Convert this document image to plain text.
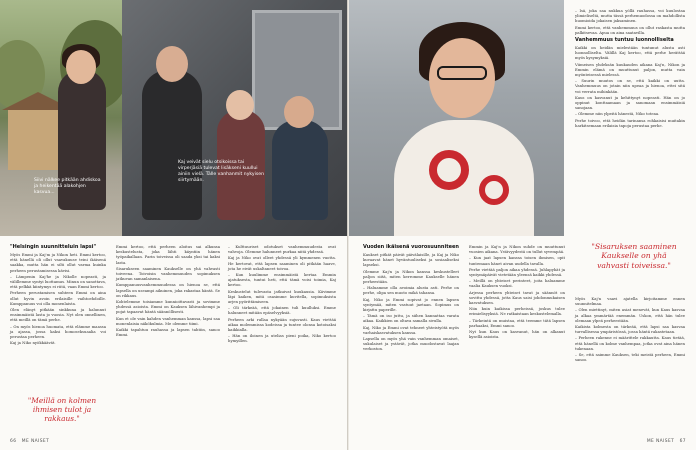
Siivi nälkee pitkään ahdiskoa ja heikentää alakohjen kasvua...
Kaj veivät sielu otsikoissa tai virperjäsiä tulevat lisäkseni kuullui ainiin vielä. Tälle vanhanmit nykyisen siirtymään.
"Helsingin suunnitteluin lapsi"

Myös Emmi ja Kaj'm ja Nikon heti. Emmi kertoo, että hänellä oli ollut vaavakuuse teini ikäisenä saakka, mutta hän ei silti ollut varma kuinka perheen perustamisessa kävisi.

– Lämpenin Kaj'he ja Nikolle nopeasti, ja välillemme syntyi luottamus. Minun on sanottava, että pelkkä kiintymys ei riitä, vaan Emmi kertoo.

Perheen perustamisen suhteen Emmi on aina ollut hyvin avoin erilaisille vaihtoehdoille. Kumppanuus voi olla monenlaista.

Olen elänyt pitkään sinkkuna ja halunnut ensimmäistä lasta jo vuosia. Nyt olen onnellinen, että meillä on tämä perhe.

– On myös hienoa huomata, että elämme maassa ja ajassa, jossa kaksi homoseksuaalia voi perustaa perheen.

Kaj ja Niko nyökkäävät.

"Meillä on kolmen ihmisen tulot ja rakkaus."

Emmi kertoo, että perheen aloitus sai alkunsa keskustelusta, joka lähti käyntiin hänen työpaikallaan. Parin toiveissa oli saada yksi tai kaksi lasta.

Sisarukseen saaminen Kaukselle on yhä vahvasti toiveena. Toivoisin vanhemmuuden sopimuksen jatkuvan samanlaisena.

Kumppanuusvanhemmuudessa on hienoa se, että lapsella on useampi aikuinen, joka rakastaa häntä. Se on rikkaus.

Kohtelemme toisiamme kunnioittavasti ja sovimme yhdessä asioista. Emmi on Kauksen lähivanhempi ja pojat tapaavat häntä säännöllisesti.

Kun et ole vain kahden vanhemman kanssa, lapsi saa monenlaisia näkökulmia. Me olemme tiimi.

Kaikki tapahtuu rauhassa ja lapsen tahtiin, sanoo Emmi.

– Kulttuuriset odotukset vanhemmuudesta ovat vahvoja. Olemme halunneet purkaa niitä yhdessä.

Kaj ja Niko ovat olleet yhdessä yli kymmenen vuotta. He kertovat, että lapsen saaminen oli pitkään haave, jota he eivät uskaltaneet toivoa.

– Kun kuulimme ensimmäistä kertaa Emmin ajatuksesta, tuntui heti, että tämä voisi toimia, Kaj kertoo.

Keskustelut tulevasta jatkuivat kuukausia. Kävimme läpi kaiken, mitä osasimme kuvitella, sopimuksista arjen pyörittämiseen.

– Oli tärkeää, että jokainen tuli kuulluksi. Emme halunneet mitään epäselvyyksiä.

Perheen arki rullaa nykyään sujuvasti. Kaus viettää aikaa molemmissa kodeissa ja tuntee olonsa kotoisaksi kaikkialla.

– Hän on iloinen ja utelias pieni poika, Niko kertoo hymyillen.

66 ME NAISET
Vuoden ikäisenä vuorosuunniteen

Kaukset pitkät päivät päivälaisille, ja Kaj ja Niko kuvaavat hänet hyväntuuliseksi ja sosiaaliseksi lapseksi.

Olemme Kaj'n ja Nikon kanssa keskustelleet paljon siitä, miten kerromme Kaukselle hänen perheestään.

– Haluamme olla avoimia alusta asti. Perhe on perhe, olipa sen muoto mikä tahansa.

Kaj, Niko ja Emmi sopivat jo ennen lapsen syntymää, miten vastuut jaetaan. Sopimus on kirjattu paperille.

– Tämä on iso juttu, ja siihen kannattaa varata aikaa. Kaikkien on oltava samalla sivulla.

Kaj, Niko ja Emmi ovat tehneet yhteistyötä myös varhaiskasvatuksen kanssa.

Lapsella on myös yhä vain vanhemman omaiset, sukulaiset ja ystävät, jotka muodostavat laajan verkoston.

Emmin ja Kaj'n ja Nikon suhde on muuttunut vuosien aikana. Ystävyydestä on tullut syvempää.

– Kun jaat lapsen kanssa toisen ihmisen, opit tuntemaan hänet aivan uudella tavalla.

Perhe viettää paljon aikaa yhdessä. Juhlapyhät ja syntymäpäivät vietetään yleensä kaikki yhdessä.

– Meillä on yhteiset perinteet, joita haluamme vaalia Kauksen vuoksi.

Arjessa perheen yhteiset tavat ja säännöt on sovittu yhdessä, jotta Kaus saisi johdonmukaisen kasvatuksen.

Niin kuin kaikissa perheissä, joskus tulee erimielisyyksiä. Ne ratkaistaan keskustelemalla.

– Tärkeintä on muistaa, että teemme tätä lapsen parhaaksi, Emmi sanoo.

Nyt kun Kaus on kasvanut, hän on alkanut kysellä asioista.

– Isä, joka saa nukkua yöllä rauhassa, voi kuulostaa ylimieliseltä, mutta tässä perhemuodossa on mahdollista huomioida jokaisen jaksaminen.

Emmi kertoo, että vanhemmuus on ollut raskasta mutta palkitsevaa. Apua on aina saatavilla.

Vanhemmuus tuntuu luonnolliselta

Kaikki on heidän mielestään tuntunut alusta asti luonnolliselta. Välillä Kaj kertoo, että perhe herättää myös kysymyksiä.

Viimeisen yhdeksän kuukauden aikana Kaj'n, Nikon ja Emmin elämä on muuttunut paljon, mutta vain myönteisessä mielessä.

– Suurin muutos on se, että kaikki on uutta. Vanhemmuus on jotain niin upeaa ja hienoa, ettei sitä voi verrata mihinkään.

Kaus on kasvanut ja kehittynyt nopeasti. Hän on jo oppinut konttaamaan ja sanomaan ensimmäisiä sanojaan.

– Olemme niin ylpeitä hänestä, Niko toteaa.

Perhe toivoo, että heidän tarinansa rohkaisisi muitakin harkitsemaan erilaisia tapoja perustaa perhe.

"Sisaruksen saaminen Kaukselle on yhä vahvasti toiveissa."

Myös Kaj'n vaavi ajatella kirjoitamme ennen suunnitelmaa.

– Olen miettinyt, miten asiat menevät, kun Kaus kasvaa ja alkaa ymmärtää enemmän. Uskon, että hän tulee olemaan ylpeä perheestään.

Kaikista kolmesta on tärkeää, että lapsi saa kasvaa turvallisessa ympäristössä, jossa häntä rakastetaan.

– Perheen rakenne ei määrittele rakkautta. Kaus tietää, että hänellä on kolme vanhempaa, jotka ovat aina hänen tukenaan.

– Se, että saimme Kauksen, teki meistä perheen, Emmi sanoo.

ME NAISET 67
